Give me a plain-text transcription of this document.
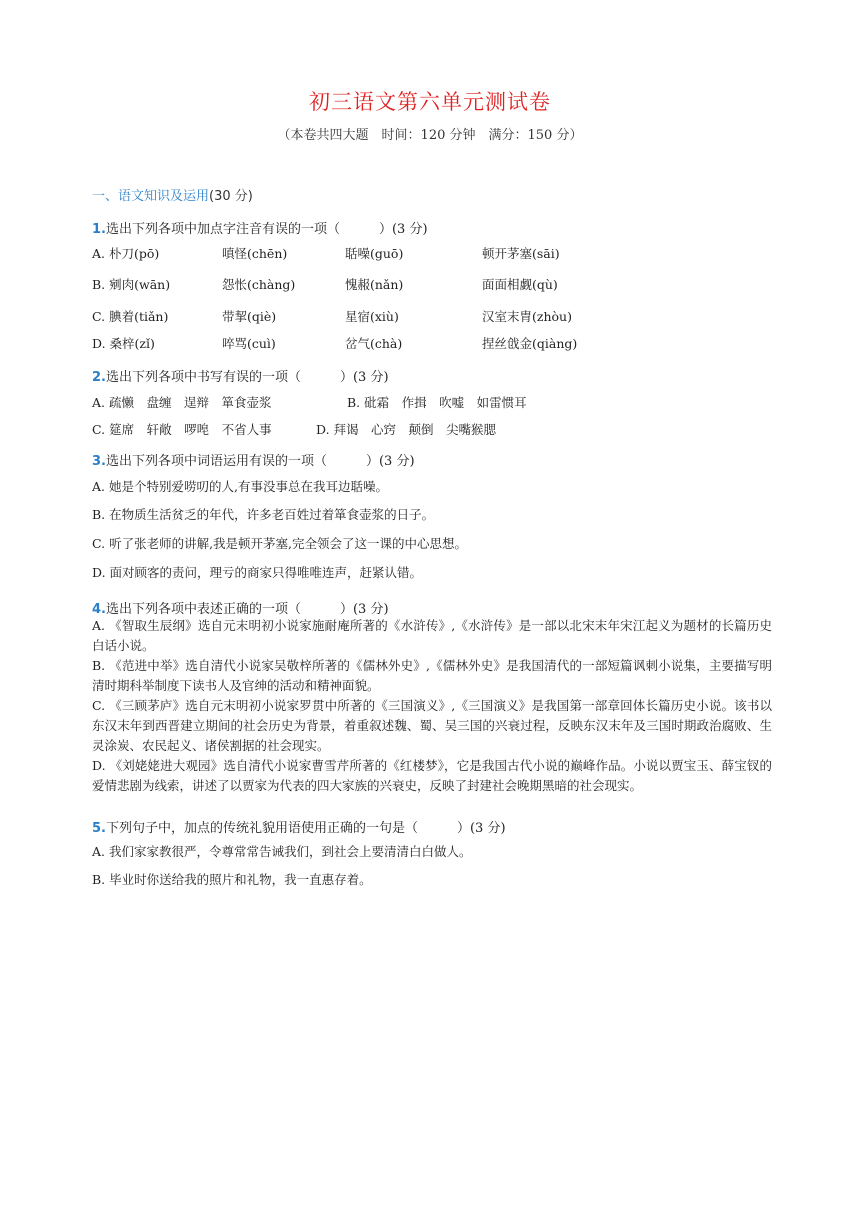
初三语文第六单元测试卷
（本卷共四大题　时间：120 分钟　满分：150 分）
一、语文知识及运用(30 分)
1.选出下列各项中加点字注音有误的一项（　　　）(3 分)
A. 朴刀(pō)	嗔怪(chēn)	聒噪(guō)	顿开茅塞(sāi)
B. 剜肉(wān)	怨怅(chàng)	愧赧(nǎn)	面面相觑(qù)
C. 腆着(tiǎn)	带挈(qiè)	星宿(xiù)	汉室末胄(zhòu)
D. 桑梓(zǐ)	啐骂(cuì)	岔气(chà)	捏丝戗金(qiàng)
2.选出下列各项中书写有误的一项（　　　）(3 分)
A. 疏懒　盘缠　逞辩　箪食壶浆	B. 砒霜　作揖　吹嘘　如雷惯耳
C. 筵席　轩敞　啰唣　不省人事	D. 拜谒　心窍　颠倒　尖嘴猴腮
3.选出下列各项中词语运用有误的一项（　　　）(3 分)
A. 她是个特别爱唠叨的人,有事没事总在我耳边聒噪。
B. 在物质生活贫乏的年代，许多老百姓过着箪食壶浆的日子。
C. 听了张老师的讲解,我是顿开茅塞,完全领会了这一课的中心思想。
D. 面对顾客的责问，理亏的商家只得唯唯连声，赶紧认错。
4.选出下列各项中表述正确的一项（　　　）(3 分)
A. 《智取生辰纲》选自元末明初小说家施耐庵所著的《水浒传》,《水浒传》是一部以北宋末年宋江起义为题材的长篇历史白话小说。
B. 《范进中举》选自清代小说家吴敬梓所著的《儒林外史》,《儒林外史》是我国清代的一部短篇讽刺小说集，主要描写明清时期科举制度下读书人及官绅的活动和精神面貌。
C. 《三顾茅庐》选自元末明初小说家罗贯中所著的《三国演义》,《三国演义》是我国第一部章回体长篇历史小说。该书以东汉末年到西晋建立期间的社会历史为背景，着重叙述魏、蜀、吴三国的兴衰过程，反映东汉末年及三国时期政治腐败、生灵涂炭、农民起义、诸侯割据的社会现实。
D. 《刘姥姥进大观园》选自清代小说家曹雪芹所著的《红楼梦》，它是我国古代小说的巅峰作品。小说以贾宝玉、薛宝钗的爱情悲剧为线索，讲述了以贾家为代表的四大家族的兴衰史，反映了封建社会晚期黑暗的社会现实。
5.下列句子中，加点的传统礼貌用语使用正确的一句是（　　　）(3 分)
A. 我们家家教很严，令尊常常告诫我们，到社会上要清清白白做人。
B. 毕业时你送给我的照片和礼物，我一直惠存着。
